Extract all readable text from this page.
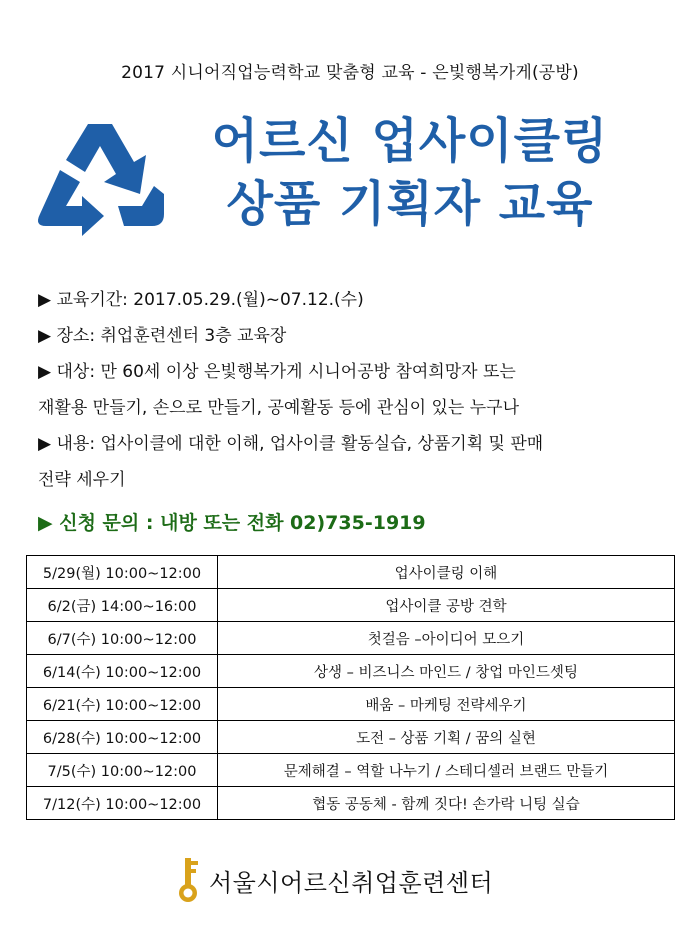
2017 시니어직업능력학교 맞춤형 교육 - 은빛행복가게(공방)
어르신 업사이클링
상품 기획자 교육

▶ 교육기간: 2017.05.29.(월)~07.12.(수)

▶ 장소: 취업훈련센터 3층 교육장

▶ 대상: 만 60세 이상 은빛행복가게 시니어공방 참여희망자 또는

재활용 만들기, 손으로 만들기, 공예활동 등에 관심이 있는 누구나

▶ 내용: 업사이클에 대한 이해, 업사이클 활동실습, 상품기획 및 판매

전략 세우기

▶ 신청 문의 : 내방 또는 전화 02)735-1919
5/29(월) 10:00~12:00	업사이클링 이해
6/2(금) 14:00~16:00	업사이클 공방 견학
6/7(수) 10:00~12:00	첫걸음 –아이디어 모으기
6/14(수) 10:00~12:00	상생 – 비즈니스 마인드 / 창업 마인드셋팅
6/21(수) 10:00~12:00	배움 – 마케팅 전략세우기
6/28(수) 10:00~12:00	도전 – 상품 기획 / 꿈의 실현
7/5(수) 10:00~12:00	문제해결 – 역할 나누기 / 스테디셀러 브랜드 만들기
7/12(수) 10:00~12:00	협동 공동체 - 함께 짓다! 손가락 니팅 실습
서울시어르신취업훈련센터
